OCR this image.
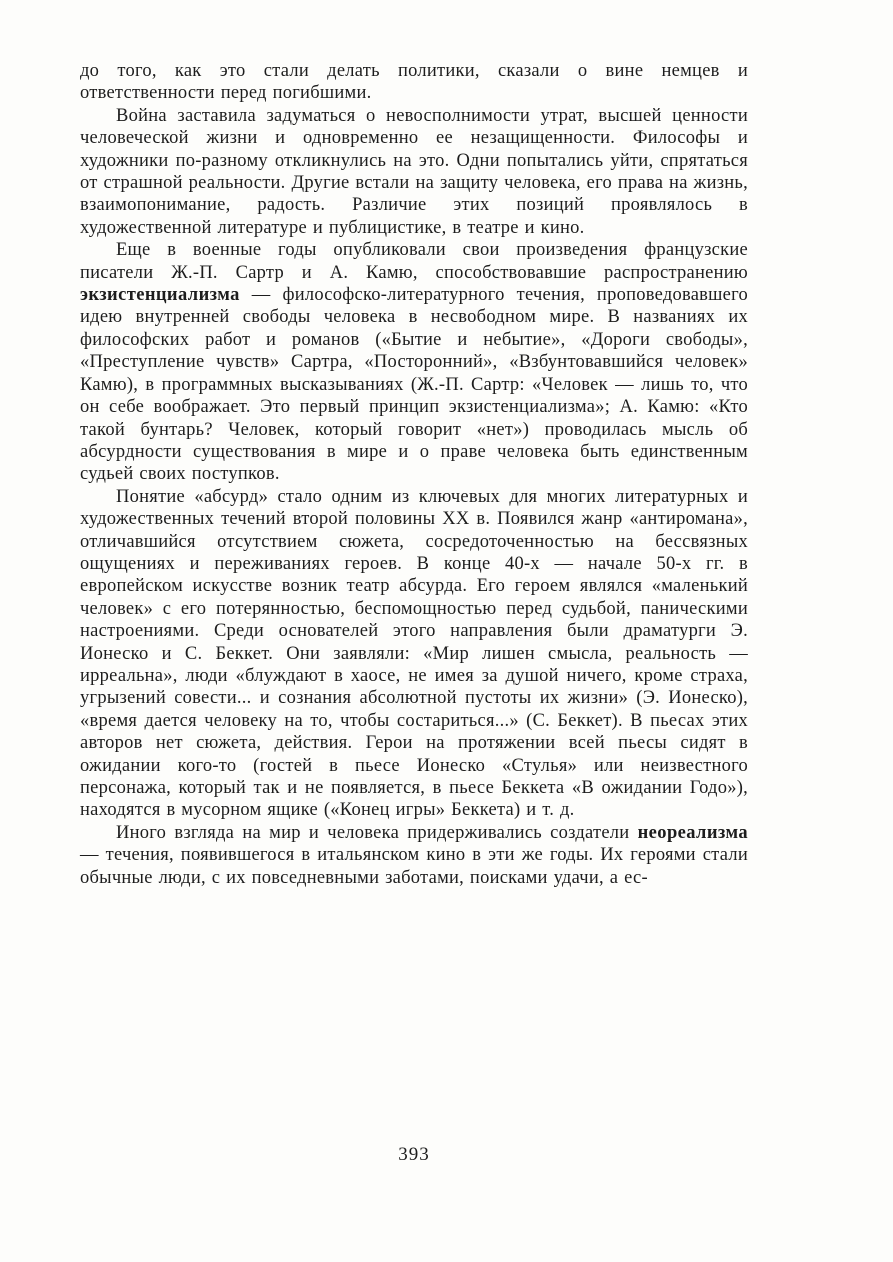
до того, как это стали делать политики, сказали о вине немцев и ответственности перед погибшими.

Война заставила задуматься о невосполнимости утрат, высшей ценности человеческой жизни и одновременно ее незащищенности. Философы и художники по-разному откликнулись на это. Одни попытались уйти, спрятаться от страшной реальности. Другие встали на защиту человека, его права на жизнь, взаимопонимание, радость. Различие этих позиций проявлялось в художественной литературе и публицистике, в театре и кино.

Еще в военные годы опубликовали свои произведения французские писатели Ж.-П. Сартр и А. Камю, способствовавшие распространению экзистенциализма — философско-литературного течения, проповедовавшего идею внутренней свободы человека в несвободном мире. В названиях их философских работ и романов («Бытие и небытие», «Дороги свободы», «Преступление чувств» Сартра, «Посторонний», «Взбунтовавшийся человек» Камю), в программных высказываниях (Ж.-П. Сартр: «Человек — лишь то, что он себе воображает. Это первый принцип экзистенциализма»; А. Камю: «Кто такой бунтарь? Человек, который говорит «нет») проводилась мысль об абсурдности существования в мире и о праве человека быть единственным судьей своих поступков.

Понятие «абсурд» стало одним из ключевых для многих литературных и художественных течений второй половины XX в. Появился жанр «антиромана», отличавшийся отсутствием сюжета, сосредоточенностью на бессвязных ощущениях и переживаниях героев. В конце 40-х — начале 50-х гг. в европейском искусстве возник театр абсурда. Его героем являлся «маленький человек» с его потерянностью, беспомощностью перед судьбой, паническими настроениями. Среди основателей этого направления были драматурги Э. Ионеско и С. Беккет. Они заявляли: «Мир лишен смысла, реальность — ирреальна», люди «блуждают в хаосе, не имея за душой ничего, кроме страха, угрызений совести... и сознания абсолютной пустоты их жизни» (Э. Ионеско), «время дается человеку на то, чтобы состариться...» (С. Беккет). В пьесах этих авторов нет сюжета, действия. Герои на протяжении всей пьесы сидят в ожидании кого-то (гостей в пьесе Ионеско «Стулья» или неизвестного персонажа, который так и не появляется, в пьесе Беккета «В ожидании Годо»), находятся в мусорном ящике («Конец игры» Беккета) и т. д.

Иного взгляда на мир и человека придерживались создатели неореализма — течения, появившегося в итальянском кино в эти же годы. Их героями стали обычные люди, с их повседневными заботами, поисками удачи, а ес-

393
